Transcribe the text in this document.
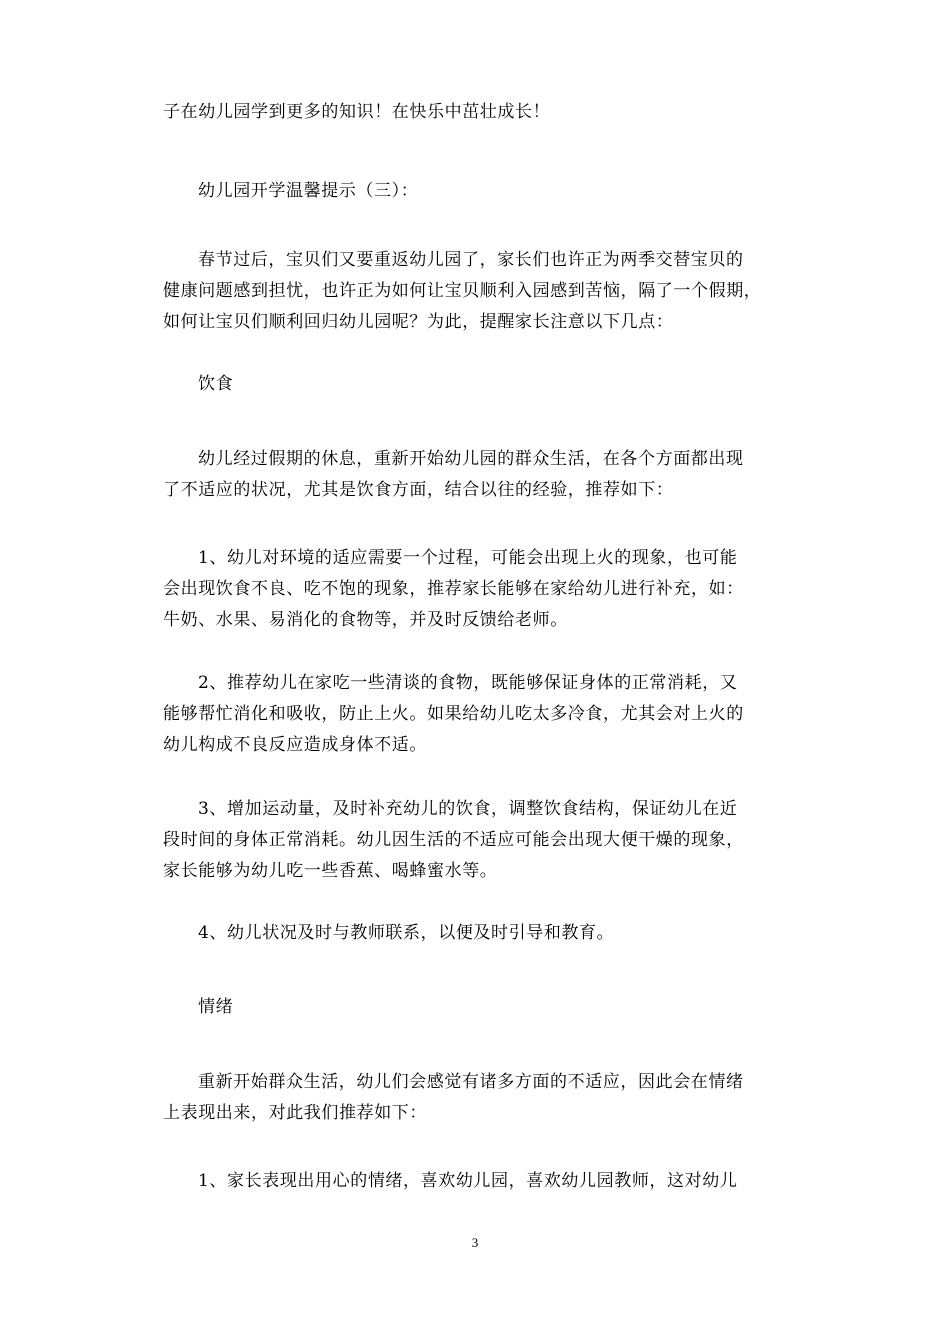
子在幼儿园学到更多的知识！在快乐中茁壮成长！
幼儿园开学温馨提示（三）：
春节过后，宝贝们又要重返幼儿园了，家长们也许正为两季交替宝贝的
健康问题感到担忧，也许正为如何让宝贝顺利入园感到苦恼，隔了一个假期，
如何让宝贝们顺利回归幼儿园呢？为此，提醒家长注意以下几点：
饮食
幼儿经过假期的休息，重新开始幼儿园的群众生活，在各个方面都出现
了不适应的状况，尤其是饮食方面，结合以往的经验，推荐如下：
1、幼儿对环境的适应需要一个过程，可能会出现上火的现象，也可能
会出现饮食不良、吃不饱的现象，推荐家长能够在家给幼儿进行补充，如：
牛奶、水果、易消化的食物等，并及时反馈给老师。
2、推荐幼儿在家吃一些清谈的食物，既能够保证身体的正常消耗，又
能够帮忙消化和吸收，防止上火。如果给幼儿吃太多冷食，尤其会对上火的
幼儿构成不良反应造成身体不适。
3、增加运动量，及时补充幼儿的饮食，调整饮食结构，保证幼儿在近
段时间的身体正常消耗。幼儿因生活的不适应可能会出现大便干燥的现象，
家长能够为幼儿吃一些香蕉、喝蜂蜜水等。
4、幼儿状况及时与教师联系，以便及时引导和教育。
情绪
重新开始群众生活，幼儿们会感觉有诸多方面的不适应，因此会在情绪
上表现出来，对此我们推荐如下：
1、家长表现出用心的情绪，喜欢幼儿园，喜欢幼儿园教师，这对幼儿
3
